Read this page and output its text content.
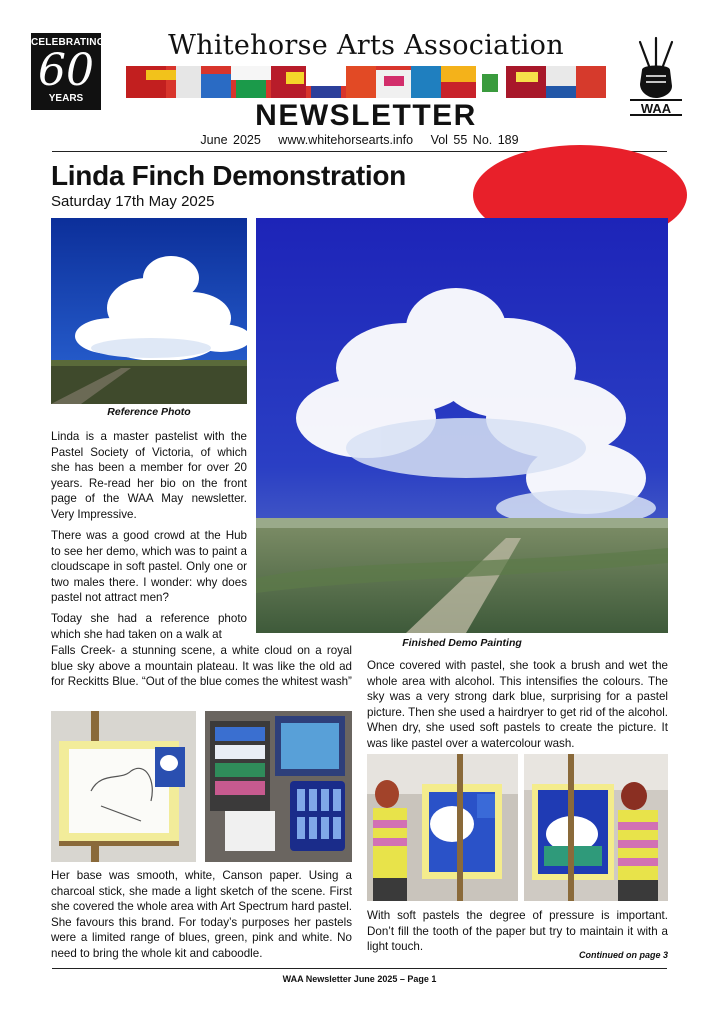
CELEBRATING
60
YEARS
Whitehorse Arts Association
NEWSLETTER	WAA
June 2025 www.whitehorsearts.info Vol 55 No. 189
Linda Finch Demonstration
Saturday 17th May 2025
Reference Photo
Finished Demo Painting
Linda is a master pastelist with the Pastel Society of Victoria, of which she has been a member for over 20 years. Re-read her bio on the front page of the WAA May newsletter. Very Impressive.
There was a good crowd at the Hub to see her demo, which was to paint a cloudscape in soft pastel. Only one or two males there. I wonder: why does pastel not attract men?
Today she had a reference photo which she had taken on a walk at
Falls Creek- a stunning scene, a white cloud on a royal blue sky above a mountain plateau. It was like the old ad for Reckitts Blue. “Out of the blue comes the whitest wash”
Her base was smooth, white, Canson paper. Using a charcoal stick, she made a light sketch of the scene. First she covered the whole area with Art Spectrum hard pastel. She favours this brand. For today’s purposes her pastels were a limited range of blues, green, pink and white. No need to bring the whole kit and caboodle.
Once covered with pastel, she took a brush and wet the whole area with alcohol. This intensifies the colours. The sky was a very strong dark blue, surprising for a pastel picture. Then she used a hairdryer to get rid of the alcohol. When dry, she used soft pastels to create the picture. It was like pastel over a watercolour wash.
With soft pastels the degree of pressure is important. Don’t fill the tooth of the paper but try to maintain it with a light touch.
Continued on page 3
WAA Newsletter June 2025 – Page 1
